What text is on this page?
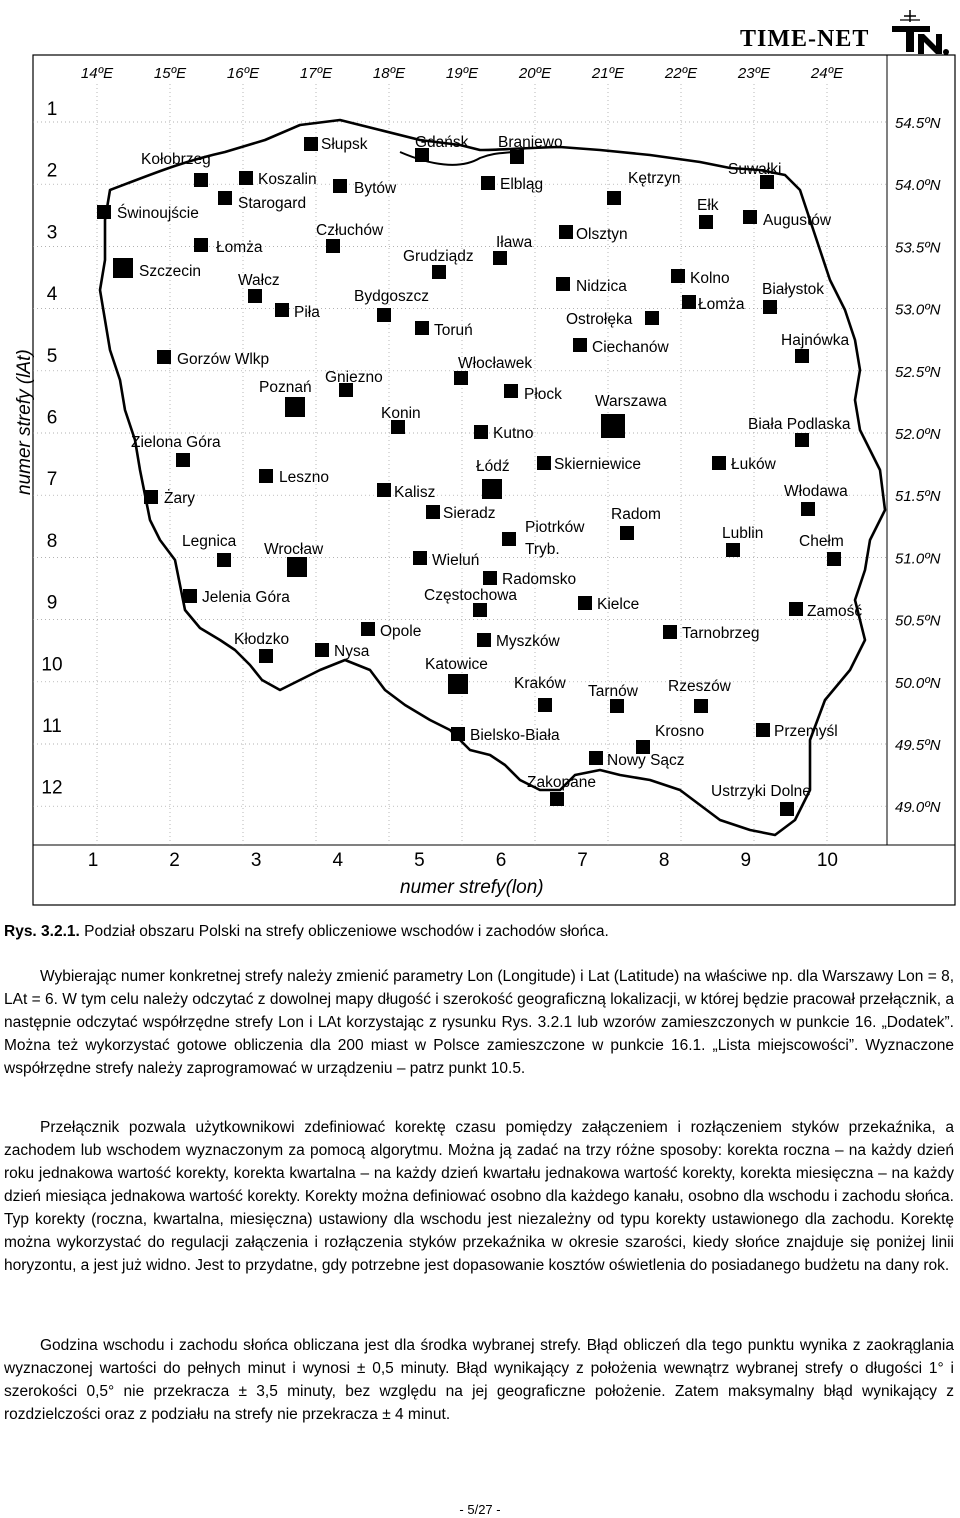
TIME-NET
14ºE	15ºE	16ºE	17ºE	18ºE	19ºE	20ºE	21ºE	22ºE	23ºE	24ºE
54.5ºN
54.0ºN
53.5ºN
53.0ºN
52.5ºN
52.0ºN
51.5ºN
51.0ºN
50.5ºN
50.0ºN
49.5ºN
49.0ºN
1
2
3
4
5
6
7
8
9
10
11
12
1	2	3	4	5	6	7	8	9	10
Kołobrzeg
Koszalin
Słupsk
Bytów
Gdańsk Braniewo
Elbląg	Kętrzyn
Suwałki
Ełk
Augustów
Świnoujście
Starogard
Człuchów	Olsztyn
Iława
Łomża
Grudziądz
Szczecin
Wałcz	Nidzica	Kolno
Łomża
Białystok
Bydgoszcz
Piła	Ostrołęka
Toruń
Hajnówka
Ciechanów
Gorzów Wlkp	Włocławek
Gniezno
Poznań	Płock Warszawa
Konin
Biała Podlaska
Kutno
Zielona Góra
Łódź	Skierniewice	Łuków
Leszno
Kalisz
Żary	Włodawa
Sieradz	Radom
Piotrków
Tryb.
Lublin
Legnica Wrocław	Chełm
Wieluń
Radomsko
Częstochowa
Jelenia Góra	Kielce	Zamość
Opole	Tarnobrzeg
Kłodzko	Myszków
Nysa
Katowice
Kraków Tarnów Rzeszów
Krosno	Przemyśl
Bielsko-Biała
Nowy Sącz
Zakopane
Ustrzyki Dolne
numer strefy (lAt)
numer strefy(lon)
Rys. 3.2.1. Podział obszaru Polski na strefy obliczeniowe wschodów i zachodów słońca.

Wybierając numer konkretnej strefy należy zmienić parametry Lon (Longitude) i Lat (Latitude) na właściwe np. dla Warszawy Lon = 8, LAt = 6. W tym celu należy odczytać z dowolnej mapy długość i szerokość geograficzną lokalizacji, w której będzie pracował przełącznik, a następnie odczytać współrzędne strefy Lon i LAt korzystając z rysunku Rys. 3.2.1 lub wzorów zamieszczonych w punkcie 16. „Dodatek”. Można też wykorzystać gotowe obliczenia dla 200 miast w Polsce zamieszczone w punkcie 16.1. „Lista miejscowości”. Wyznaczone współrzędne strefy należy zaprogramować w urządzeniu – patrz punkt 10.5.

Przełącznik pozwala użytkownikowi zdefiniować korektę czasu pomiędzy załączeniem i rozłączeniem styków przekaźnika, a zachodem lub wschodem wyznaczonym za pomocą algorytmu. Można ją zadać na trzy różne sposoby: korekta roczna – na każdy dzień roku jednakowa wartość korekty, korekta kwartalna – na każdy dzień kwartału jednakowa wartość korekty, korekta miesięczna – na każdy dzień miesiąca jednakowa wartość korekty. Korekty można definiować osobno dla każdego kanału, osobno dla wschodu i zachodu słońca. Typ korekty (roczna, kwartalna, miesięczna) ustawiony dla wschodu jest niezależny od typu korekty ustawionego dla zachodu. Korektę można wykorzystać do regulacji załączenia i rozłączenia styków przekaźnika w okresie szarości, kiedy słońce znajduje się poniżej linii horyzontu, a jest już widno. Jest to przydatne, gdy potrzebne jest dopasowanie kosztów oświetlenia do posiadanego budżetu na dany rok.

Godzina wschodu i zachodu słońca obliczana jest dla środka wybranej strefy. Błąd obliczeń dla tego punktu wynika z zaokrąglania wyznaczonej wartości do pełnych minut i wynosi ± 0,5 minuty. Błąd wynikający z położenia wewnątrz wybranej strefy o długości 1° i szerokości 0,5° nie przekracza ± 3,5 minuty, bez względu na jej geograficzne położenie. Zatem maksymalny błąd wynikający z rozdzielczości oraz z podziału na strefy nie przekracza ± 4 minut.

- 5/27 -
